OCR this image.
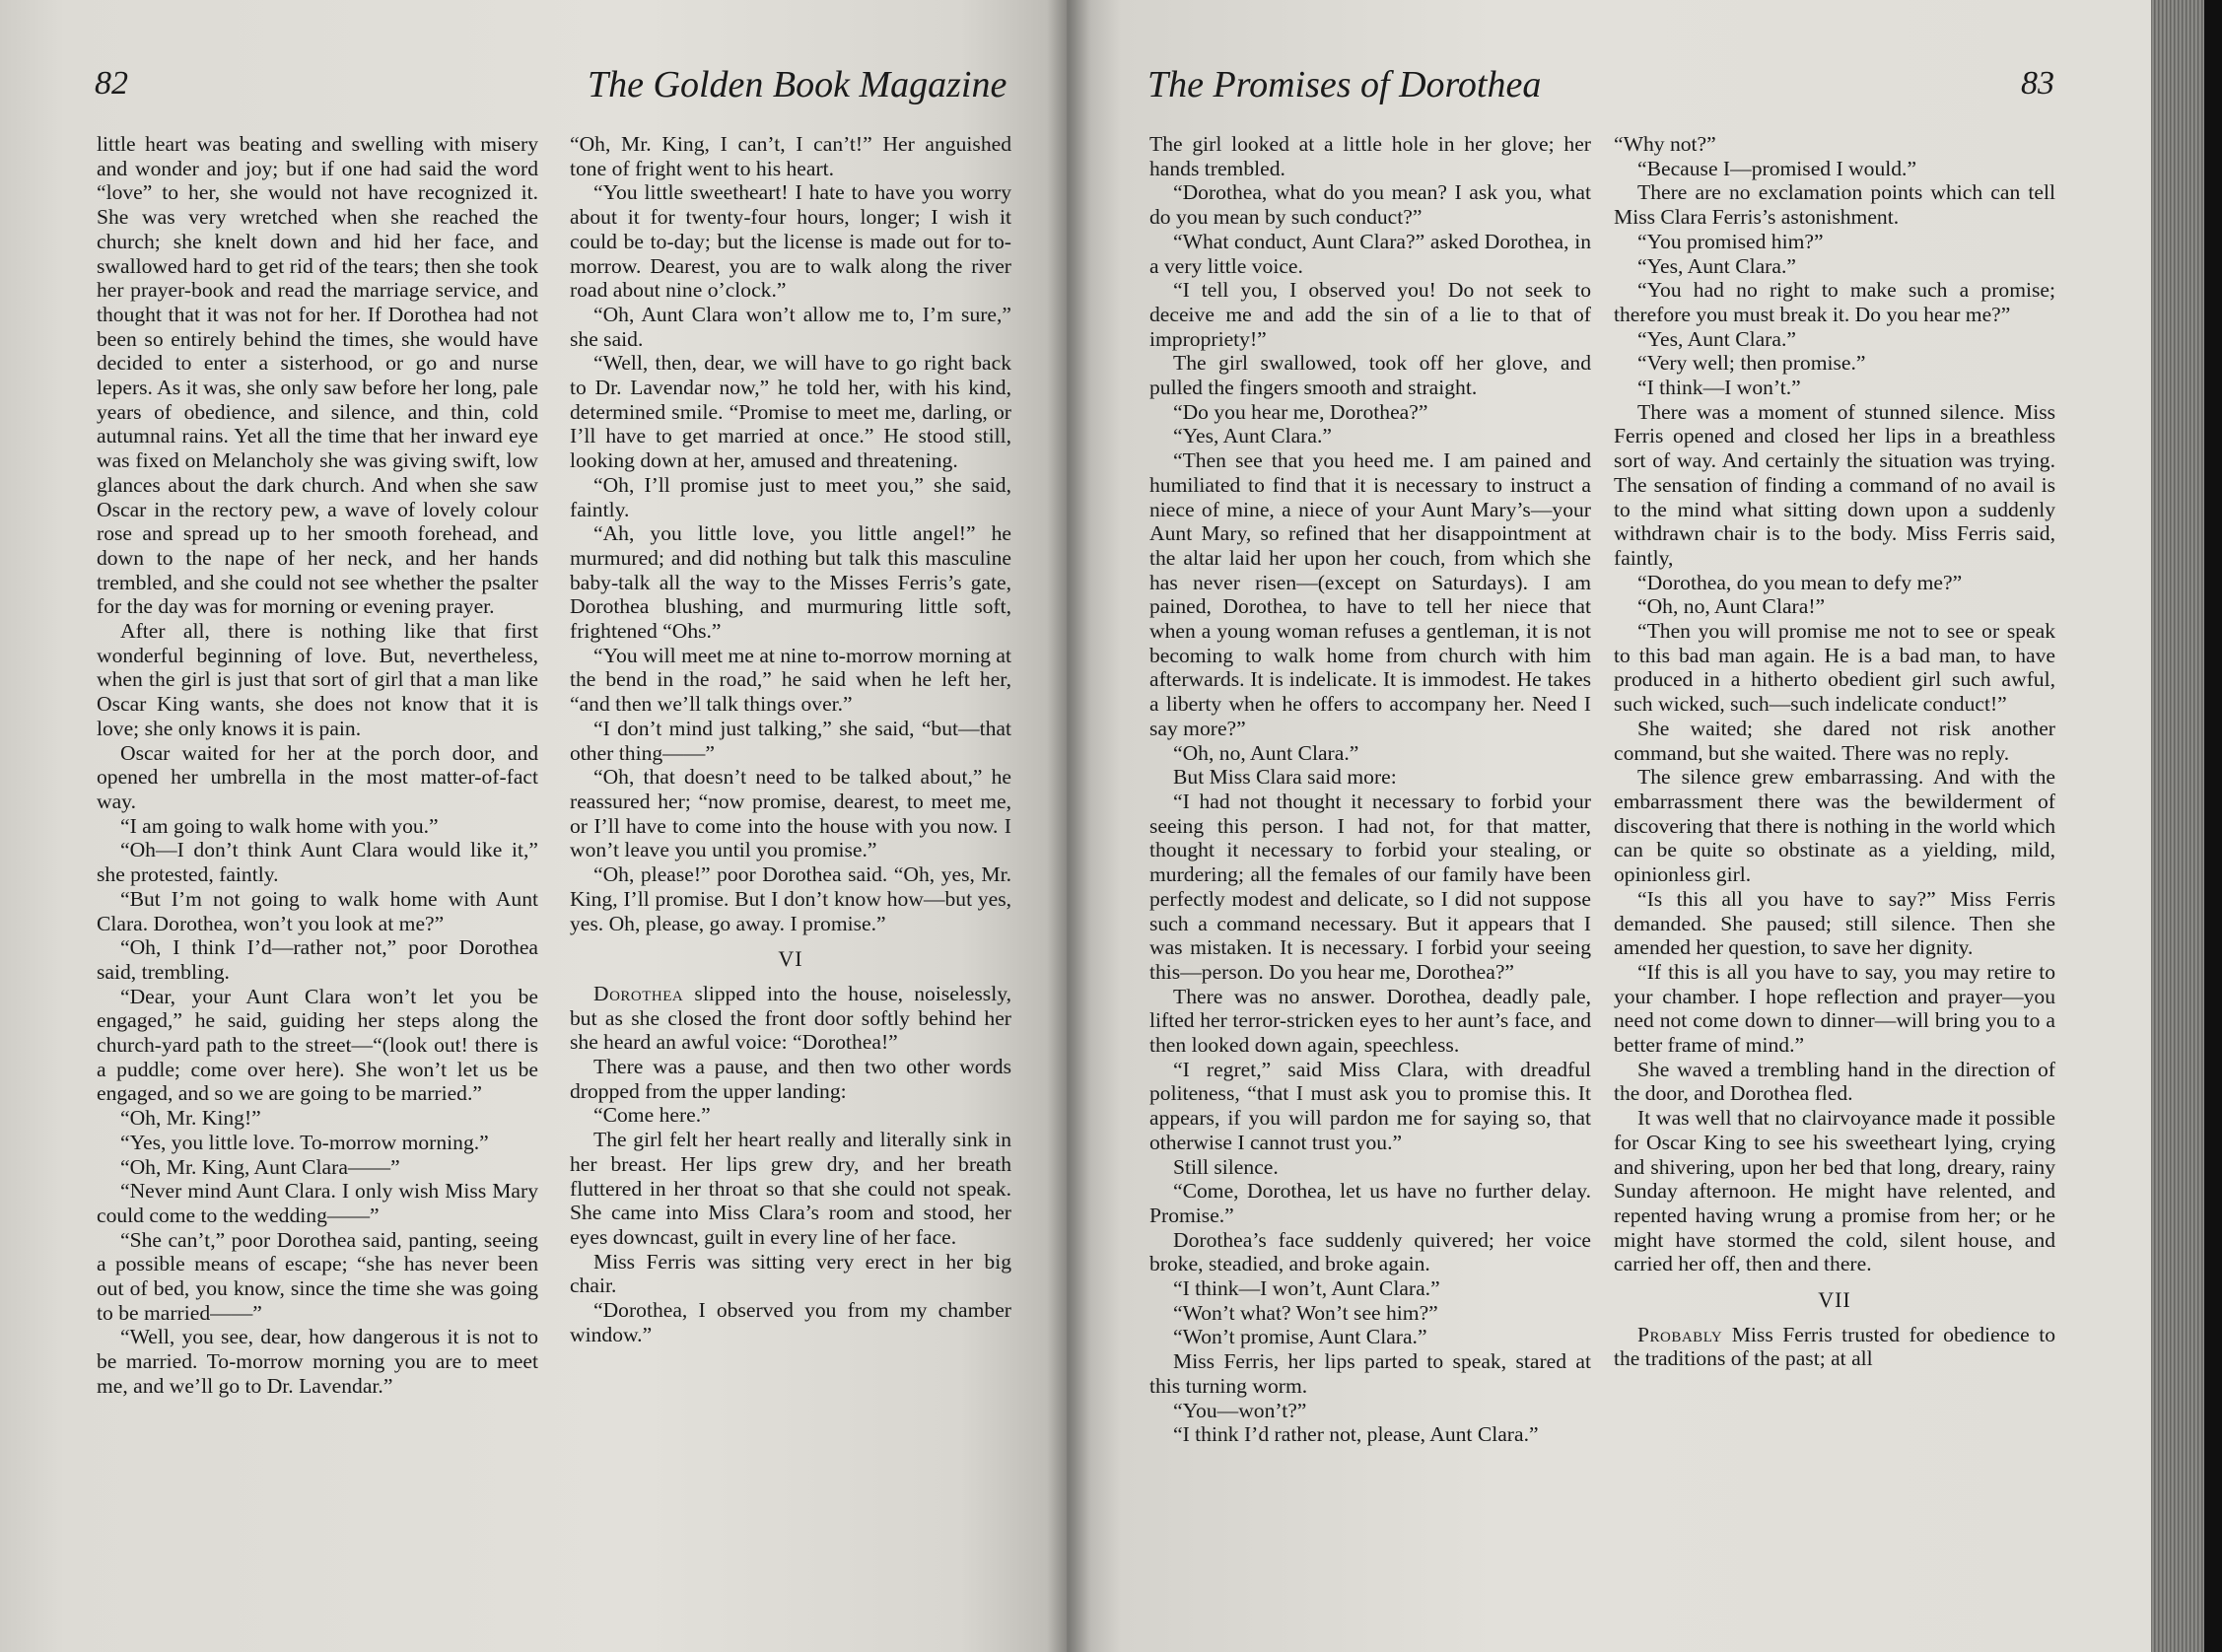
82	The Golden Book Magazine

little heart was beating and swelling with misery and wonder and joy; but if one had said the word “love” to her, she would not have recognized it. She was very wretched when she reached the church; she knelt down and hid her face, and swallowed hard to get rid of the tears; then she took her prayer-book and read the marriage service, and thought that it was not for her. If Dorothea had not been so entirely behind the times, she would have decided to enter a sisterhood, or go and nurse lepers. As it was, she only saw before her long, pale years of obedience, and silence, and thin, cold autumnal rains. Yet all the time that her inward eye was fixed on Melancholy she was giving swift, low glances about the dark church. And when she saw Oscar in the rectory pew, a wave of lovely colour rose and spread up to her smooth forehead, and down to the nape of her neck, and her hands trembled, and she could not see whether the psalter for the day was for morning or evening prayer.

After all, there is nothing like that first wonderful beginning of love. But, nevertheless, when the girl is just that sort of girl that a man like Oscar King wants, she does not know that it is love; she only knows it is pain.

Oscar waited for her at the porch door, and opened her umbrella in the most matter-of-fact way.

“I am going to walk home with you.”

“Oh—I don’t think Aunt Clara would like it,” she protested, faintly.

“But I’m not going to walk home with Aunt Clara. Dorothea, won’t you look at me?”

“Oh, I think I’d—rather not,” poor Dorothea said, trembling.

“Dear, your Aunt Clara won’t let you be engaged,” he said, guiding her steps along the church-yard path to the street—“(look out! there is a puddle; come over here). She won’t let us be engaged, and so we are going to be married.”

“Oh, Mr. King!”

“Yes, you little love. To-morrow morning.”

“Oh, Mr. King, Aunt Clara——”

“Never mind Aunt Clara. I only wish Miss Mary could come to the wedding——”

“She can’t,” poor Dorothea said, panting, seeing a possible means of escape; “she has never been out of bed, you know, since the time she was going to be married——”

“Well, you see, dear, how dangerous it is not to be married. To-morrow morning you are to meet me, and we’ll go to Dr. Lavendar.”

“Oh, Mr. King, I can’t, I can’t!” Her anguished tone of fright went to his heart.

“You little sweetheart! I hate to have you worry about it for twenty-four hours, longer; I wish it could be to-day; but the license is made out for to-morrow. Dearest, you are to walk along the river road about nine o’clock.”

“Oh, Aunt Clara won’t allow me to, I’m sure,” she said.

“Well, then, dear, we will have to go right back to Dr. Lavendar now,” he told her, with his kind, determined smile. “Promise to meet me, darling, or I’ll have to get married at once.” He stood still, looking down at her, amused and threatening.

“Oh, I’ll promise just to meet you,” she said, faintly.

“Ah, you little love, you little angel!” he murmured; and did nothing but talk this masculine baby-talk all the way to the Misses Ferris’s gate, Dorothea blushing, and murmuring little soft, frightened “Ohs.”

“You will meet me at nine to-morrow morning at the bend in the road,” he said when he left her, “and then we’ll talk things over.”

“I don’t mind just talking,” she said, “but—that other thing——”

“Oh, that doesn’t need to be talked about,” he reassured her; “now promise, dearest, to meet me, or I’ll have to come into the house with you now. I won’t leave you until you promise.”

“Oh, please!” poor Dorothea said. “Oh, yes, Mr. King, I’ll promise. But I don’t know how—but yes, yes. Oh, please, go away. I promise.”

VI

Dorothea slipped into the house, noiselessly, but as she closed the front door softly behind her she heard an awful voice: “Dorothea!”

There was a pause, and then two other words dropped from the upper landing:

“Come here.”

The girl felt her heart really and literally sink in her breast. Her lips grew dry, and her breath fluttered in her throat so that she could not speak. She came into Miss Clara’s room and stood, her eyes downcast, guilt in every line of her face.

Miss Ferris was sitting very erect in her big chair.

“Dorothea, I observed you from my chamber window.”

The Promises of Dorothea	83

The girl looked at a little hole in her glove; her hands trembled.

“Dorothea, what do you mean? I ask you, what do you mean by such conduct?”

“What conduct, Aunt Clara?” asked Dorothea, in a very little voice.

“I tell you, I observed you! Do not seek to deceive me and add the sin of a lie to that of impropriety!”

The girl swallowed, took off her glove, and pulled the fingers smooth and straight.

“Do you hear me, Dorothea?”

“Yes, Aunt Clara.”

“Then see that you heed me. I am pained and humiliated to find that it is necessary to instruct a niece of mine, a niece of your Aunt Mary’s—your Aunt Mary, so refined that her disappointment at the altar laid her upon her couch, from which she has never risen—(except on Saturdays). I am pained, Dorothea, to have to tell her niece that when a young woman refuses a gentleman, it is not becoming to walk home from church with him afterwards. It is indelicate. It is immodest. He takes a liberty when he offers to accompany her. Need I say more?”

“Oh, no, Aunt Clara.”

But Miss Clara said more:

“I had not thought it necessary to forbid your seeing this person. I had not, for that matter, thought it necessary to forbid your stealing, or murdering; all the females of our family have been perfectly modest and delicate, so I did not suppose such a command necessary. But it appears that I was mistaken. It is necessary. I forbid your seeing this—person. Do you hear me, Dorothea?”

There was no answer. Dorothea, deadly pale, lifted her terror-stricken eyes to her aunt’s face, and then looked down again, speechless.

“I regret,” said Miss Clara, with dreadful politeness, “that I must ask you to promise this. It appears, if you will pardon me for saying so, that otherwise I cannot trust you.”

Still silence.

“Come, Dorothea, let us have no further delay. Promise.”

Dorothea’s face suddenly quivered; her voice broke, steadied, and broke again.

“I think—I won’t, Aunt Clara.”

“Won’t what? Won’t see him?”

“Won’t promise, Aunt Clara.”

Miss Ferris, her lips parted to speak, stared at this turning worm.

“You—won’t?”

“I think I’d rather not, please, Aunt Clara.”

“Why not?”

“Because I—promised I would.”

There are no exclamation points which can tell Miss Clara Ferris’s astonishment.

“You promised him?”

“Yes, Aunt Clara.”

“You had no right to make such a promise; therefore you must break it. Do you hear me?”

“Yes, Aunt Clara.”

“Very well; then promise.”

“I think—I won’t.”

There was a moment of stunned silence. Miss Ferris opened and closed her lips in a breathless sort of way. And certainly the situation was trying. The sensation of finding a command of no avail is to the mind what sitting down upon a suddenly withdrawn chair is to the body. Miss Ferris said, faintly,

“Dorothea, do you mean to defy me?”

“Oh, no, Aunt Clara!”

“Then you will promise me not to see or speak to this bad man again. He is a bad man, to have produced in a hitherto obedient girl such awful, such wicked, such—such indelicate conduct!”

She waited; she dared not risk another command, but she waited. There was no reply.

The silence grew embarrassing. And with the embarrassment there was the bewilderment of discovering that there is nothing in the world which can be quite so obstinate as a yielding, mild, opinionless girl.

“Is this all you have to say?” Miss Ferris demanded. She paused; still silence. Then she amended her question, to save her dignity.

“If this is all you have to say, you may retire to your chamber. I hope reflection and prayer—you need not come down to dinner—will bring you to a better frame of mind.”

She waved a trembling hand in the direction of the door, and Dorothea fled.

It was well that no clairvoyance made it possible for Oscar King to see his sweetheart lying, crying and shivering, upon her bed that long, dreary, rainy Sunday afternoon. He might have relented, and repented having wrung a promise from her; or he might have stormed the cold, silent house, and carried her off, then and there.

VII

Probably Miss Ferris trusted for obedience to the traditions of the past; at all
